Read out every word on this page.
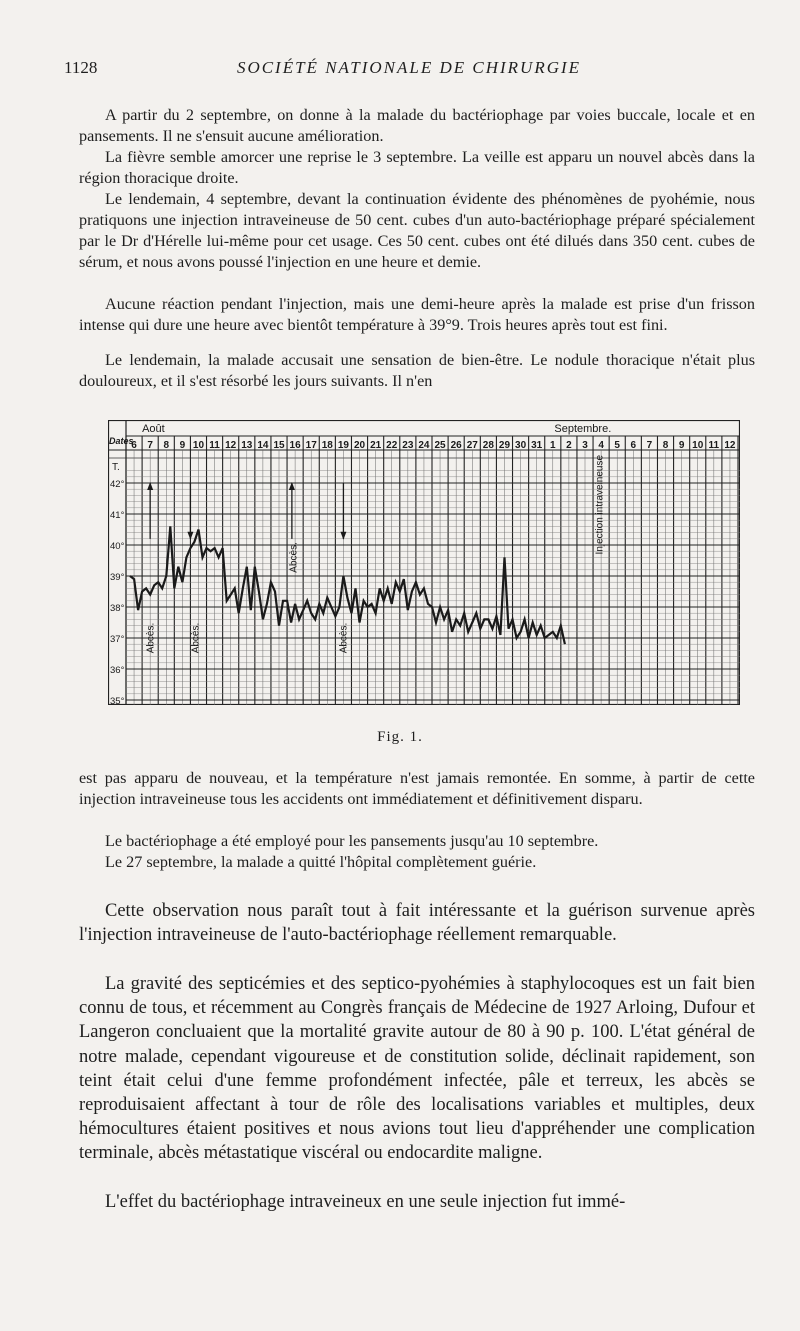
1128	SOCIÉTÉ NATIONALE DE CHIRURGIE

A partir du 2 septembre, on donne à la malade du bactériophage par voies buccale, locale et en pansements. Il ne s'ensuit aucune amélioration.

La fièvre semble amorcer une reprise le 3 septembre. La veille est apparu un nouvel abcès dans la région thoracique droite.

Le lendemain, 4 septembre, devant la continuation évidente des phénomènes de pyohémie, nous pratiquons une injection intraveineuse de 50 cent. cubes d'un auto-bactériophage préparé spécialement par le Dr d'Hérelle lui-même pour cet usage. Ces 50 cent. cubes ont été dilués dans 350 cent. cubes de sérum, et nous avons poussé l'injection en une heure et demie.

Aucune réaction pendant l'injection, mais une demi-heure après la malade est prise d'un frisson intense qui dure une heure avec bientôt température à 39°9. Trois heures après tout est fini.

Le lendemain, la malade accusait une sensation de bien-être. Le nodule thoracique n'était plus douloureux, et il s'est résorbé les jours suivants. Il n'en

6 7 8 9 10 11 12 13 14 15 16 17 18 19 20 21 22 23 24 25 26 27 28 29 30 31 1 2 3 4 5 6 7 8 9 10 11 12
Août	Septembre.
Dates
T.
42°
41°
40°
39°
38°
37°
36°
35°
Abcès.	Abcès.
Abcès.
Abcès.
Injection intraveineuse
Fig. 1.

est pas apparu de nouveau, et la température n'est jamais remontée. En somme, à partir de cette injection intraveineuse tous les accidents ont immédiatement et définitivement disparu.

Le bactériophage a été employé pour les pansements jusqu'au 10 septembre.

Le 27 septembre, la malade a quitté l'hôpital complètement guérie.

Cette observation nous paraît tout à fait intéressante et la guérison survenue après l'injection intraveineuse de l'auto-bactériophage réellement remarquable.

La gravité des septicémies et des septico-pyohémies à staphylocoques est un fait bien connu de tous, et récemment au Congrès français de Médecine de 1927 Arloing, Dufour et Langeron concluaient que la mortalité gravite autour de 80 à 90 p. 100. L'état général de notre malade, cependant vigoureuse et de constitution solide, déclinait rapidement, son teint était celui d'une femme profondément infectée, pâle et terreux, les abcès se reproduisaient affectant à tour de rôle des localisations variables et multiples, deux hémocultures étaient positives et nous avions tout lieu d'appréhender une complication terminale, abcès métastatique viscéral ou endocardite maligne.

L'effet du bactériophage intraveineux en une seule injection fut immé-
